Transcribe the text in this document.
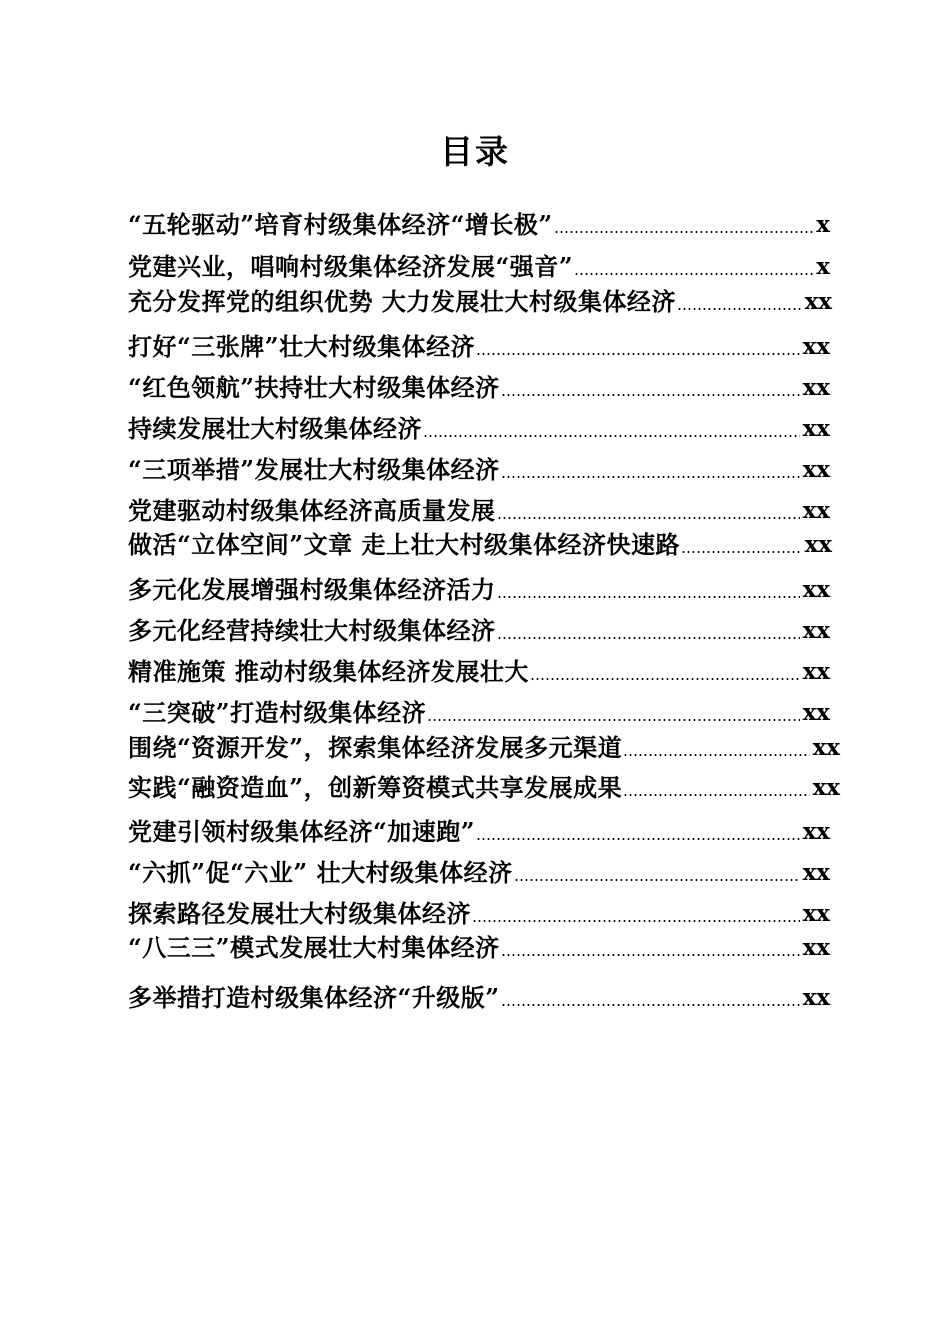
目录
“五轮驱动”培育村级集体经济“增长极”	x
党建兴业，唱响村级集体经济发展“强音”	x
充分发挥党的组织优势 大力发展壮大村级集体经济	xx
打好“三张牌”壮大村级集体经济	xx
“红色领航”扶持壮大村级集体经济	xx
持续发展壮大村级集体经济	xx
“三项举措”发展壮大村级集体经济	xx
党建驱动村级集体经济高质量发展	xx
做活“立体空间”文章 走上壮大村级集体经济快速路	xx
多元化发展增强村级集体经济活力	xx
多元化经营持续壮大村级集体经济	xx
精准施策 推动村级集体经济发展壮大	xx
“三突破”打造村级集体经济	xx
围绕“资源开发”，探索集体经济发展多元渠道	xx
实践“融资造血”，创新筹资模式共享发展成果	xx
党建引领村级集体经济“加速跑”	xx
“六抓”促“六业” 壮大村级集体经济	xx
探索路径发展壮大村级集体经济	xx
“八三三”模式发展壮大村集体经济	xx
多举措打造村级集体经济“升级版”	xx
